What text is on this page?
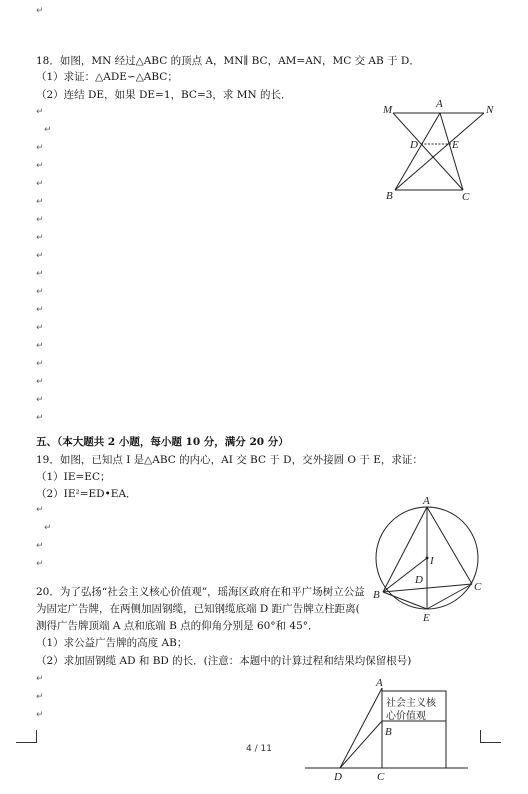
↵
18．如图，MN 经过△ABC 的顶点 A，MN∥ BC，AM=AN，MC 交 AB 于 D．
（1）求证：△ADE∽△ABC；
（2）连结 DE，如果 DE=1，BC=3，求 MN 的长．
M	A	N
D	E
B	C
↵
↵
↵
↵
↵
↵
↵
↵
↵
↵
↵
↵
↵
↵
↵
↵
↵
↵
五、（本大题共 2 小题，每小题 10 分，满分 20 分）
19．如图，已知点 I 是△ABC 的内心，AI 交 BC 于 D，交外接圆 O 于 E，求证：
（1）IE=EC；
（2）IE²=ED•EA．
↵
↵
↵
↵
A
I
D
B
C
E
20．为了弘扬“社会主义核心价值观”，瑶海区政府在和平广场树立公益
为固定广告牌，在两侧加固钢缆，已知钢缆底端 D 距广告牌立柱距离(
测得广告牌顶端 A 点和底端 B 点的仰角分别是 60°和 45°．
（1）求公益广告牌的高度 AB；
（2）求加固钢缆 AD 和 BD 的长．(注意：本题中的计算过程和结果均保留根号)
↵
↵
↵
社会主义核
心价值观
A
B
D	C
4 / 11
